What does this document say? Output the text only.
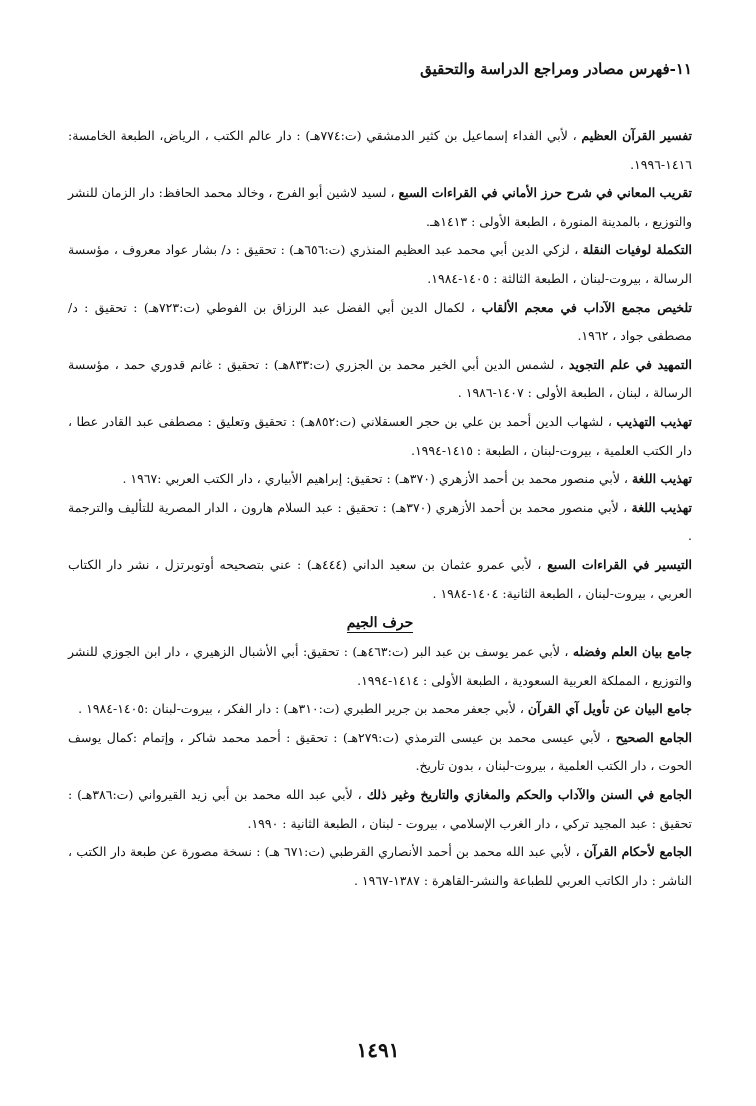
١١-فهرس مصادر ومراجع الدراسة والتحقيق

تفسير القرآن العظيم ، لأبي الفداء إسماعيل بن كثير الدمشقي (ت:٧٧٤هـ) : دار عالم الكتب ، الرياض، الطبعة الخامسة: ١٤١٦-١٩٩٦.

تقريب المعاني في شرح حرز الأماني في القراءات السبع ، لسيد لاشين أبو الفرج ، وخالد محمد الحافظ: دار الزمان للنشر والتوزيع ، بالمدينة المنورة ، الطبعة الأولى : ١٤١٣هـ.

التكملة لوفيات النقلة ، لزكي الدين أبي محمد عبد العظيم المنذري (ت:٦٥٦هـ) : تحقيق : د/ بشار عواد معروف ، مؤسسة الرسالة ، بيروت-لبنان ، الطبعة الثالثة : ١٤٠٥-١٩٨٤.

تلخيص مجمع الآداب في معجم الألقاب ، لكمال الدين أبي الفضل عبد الرزاق بن الفوطي (ت:٧٢٣هـ) : تحقيق : د/ مصطفى جواد ، ١٩٦٢.

التمهيد في علم التجويد ، لشمس الدين أبي الخير محمد بن الجزري (ت:٨٣٣هـ) : تحقيق : غانم قدوري حمد ، مؤسسة الرسالة ، لبنان ، الطبعة الأولى : ١٤٠٧-١٩٨٦ .

تهذيب التهذيب ، لشهاب الدين أحمد بن علي بن حجر العسقلاني (ت:٨٥٢هـ) : تحقيق وتعليق : مصطفى عبد القادر عطا ، دار الكتب العلمية ، بيروت-لبنان ، الطبعة : ١٤١٥-١٩٩٤.

تهذيب اللغة ، لأبي منصور محمد بن أحمد الأزهري (٣٧٠هـ) : تحقيق: إبراهيم الأبياري ، دار الكتب العربي :١٩٦٧ .

تهذيب اللغة ، لأبي منصور محمد بن أحمد الأزهري (٣٧٠هـ) : تحقيق : عبد السلام هارون ، الدار المصرية للتأليف والترجمة .

التيسير في القراءات السبع ، لأبي عمرو عثمان بن سعيد الداني (٤٤٤هـ) : عني بتصحيحه أوتوبرتزل ، نشر دار الكتاب العربي ، بيروت-لبنان ، الطبعة الثانية: ١٤٠٤-١٩٨٤ .

حرف الجيم

جامع بيان العلم وفضله ، لأبي عمر يوسف بن عبد البر (ت:٤٦٣هـ) : تحقيق: أبي الأشبال الزهيري ، دار ابن الجوزي للنشر والتوزيع ، المملكة العربية السعودية ، الطبعة الأولى : ١٤١٤-١٩٩٤.

جامع البيان عن تأويل آي القرآن ، لأبي جعفر محمد بن جرير الطبري (ت:٣١٠هـ) : دار الفكر ، بيروت-لبنان :١٤٠٥-١٩٨٤ .

الجامع الصحيح ، لأبي عيسى محمد بن عيسى الترمذي (ت:٢٧٩هـ) : تحقيق : أحمد محمد شاكر ، وإتمام :كمال يوسف الحوت ، دار الكتب العلمية ، بيروت-لبنان ، بدون تاريخ.

الجامع في السنن والآداب والحكم والمغازي والتاريخ وغير ذلك ، لأبي عبد الله محمد بن أبي زيد القيرواني (ت:٣٨٦هـ) : تحقيق : عبد المجيد تركي ، دار الغرب الإسلامي ، بيروت - لبنان ، الطبعة الثانية : ١٩٩٠.

الجامع لأحكام القرآن ، لأبي عبد الله محمد بن أحمد الأنصاري القرطبي (ت:٦٧١ هـ) : نسخة مصورة عن طبعة دار الكتب ، الناشر : دار الكاتب العربي للطباعة والنشر-القاهرة : ١٣٨٧-١٩٦٧ .

١٤٩١
